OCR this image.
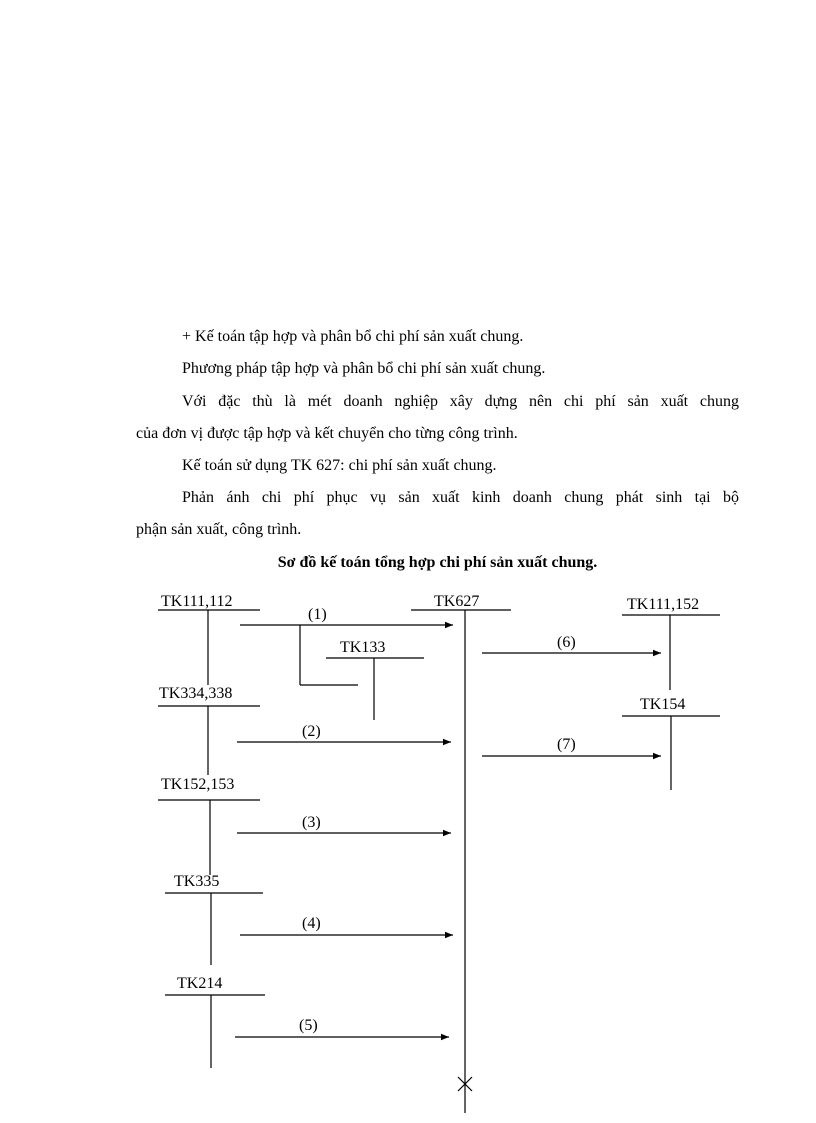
+ Kế toán tập hợp và phân bổ chi phí sản xuất chung.

Phương pháp tập hợp và phân bổ chi phí sản xuất chung.

Với đặc thù là mét doanh nghiệp xây dựng nên chi phí sản xuất chung

của đơn vị được tập hợp và kết chuyển cho từng công trình.

Kế toán sử dụng TK 627: chi phí sản xuất chung.

Phản ánh chi phí phục vụ sản xuất kinh doanh chung phát sinh tại bộ

phận sản xuất, công trình.

Sơ đồ kế toán tổng hợp chi phí sản xuất chung.

TK111,112	TK627	TK111,152
TK133
TK334,338
TK154
TK152,153
TK335
TK214
(1)
(2)
(3)
(4)
(5)
(6)
(7)
